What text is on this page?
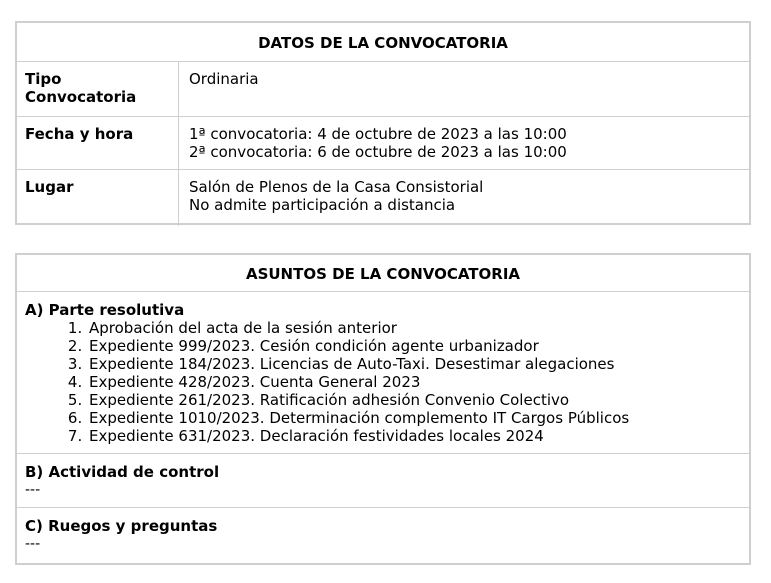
DATOS DE LA CONVOCATORIA
Tipo Convocatoria
Ordinaria
Fecha y hora	1ª convocatoria: 4 de octubre de 2023 a las 10:00
2ª convocatoria: 6 de octubre de 2023 a las 10:00
Lugar	Salón de Plenos de la Casa Consistorial
No admite participación a distancia
ASUNTOS DE LA CONVOCATORIA
A) Parte resolutiva
1. Aprobación del acta de la sesión anterior
2. Expediente 999/2023. Cesión condición agente urbanizador
3. Expediente 184/2023. Licencias de Auto-Taxi. Desestimar alegaciones
4. Expediente 428/2023. Cuenta General 2023
5. Expediente 261/2023. Ratificación adhesión Convenio Colectivo
6. Expediente 1010/2023. Determinación complemento IT Cargos Públicos
7. Expediente 631/2023. Declaración festividades locales 2024
B) Actividad de control
---
C) Ruegos y preguntas
---
